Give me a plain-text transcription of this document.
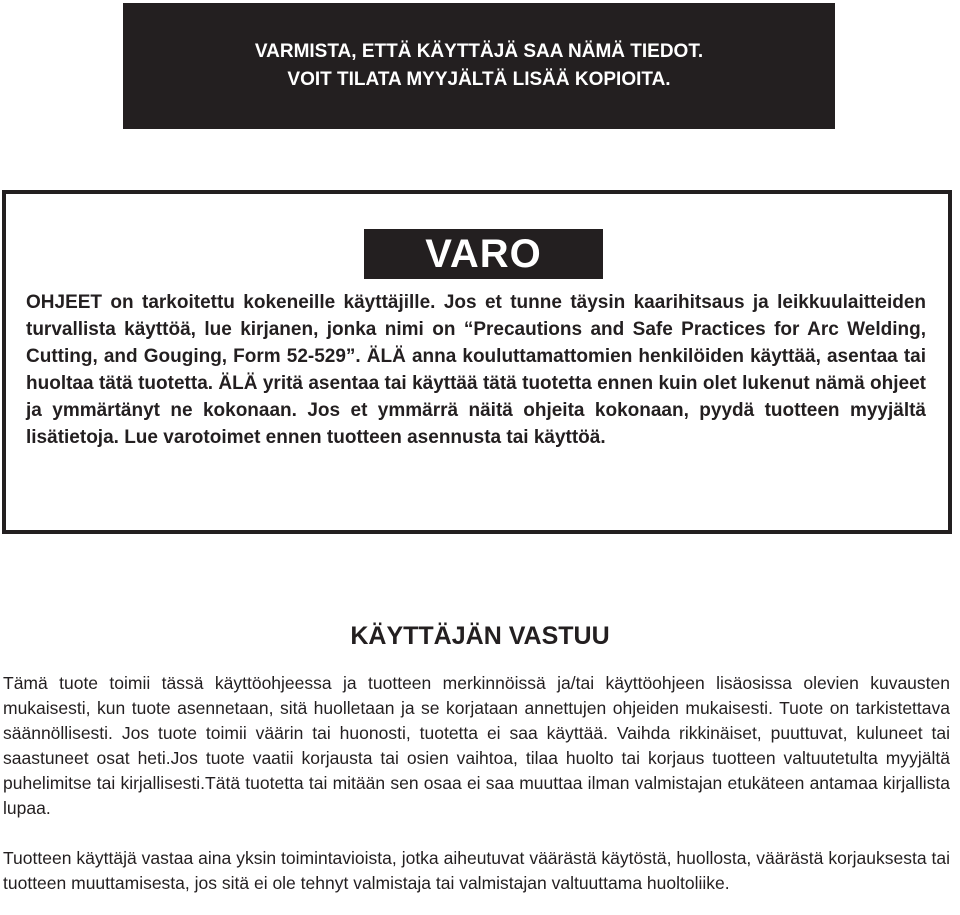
VARMISTA, ETTÄ KÄYTTÄJÄ SAA NÄMÄ TIEDOT.
VOIT TILATA MYYJÄLTÄ LISÄÄ KOPIOITA.
VARO

OHJEET on tarkoitettu kokeneille käyttäjille. Jos et tunne täysin kaarihitsaus ja leikkuulaitteiden turvallista käyttöä, lue kirjanen, jonka nimi on “Precautions and Safe Practices for Arc Welding, Cutting, and Gouging, Form 52-529”. ÄLÄ anna kouluttamattomien henkilöiden käyttää, asentaa tai huoltaa tätä tuotetta. ÄLÄ yritä asentaa tai käyttää tätä tuotetta ennen kuin olet lukenut nämä ohjeet ja ymmärtänyt ne kokonaan. Jos et ymmärrä näitä ohjeita kokonaan, pyydä tuotteen myyjältä lisätietoja. Lue varotoimet ennen tuotteen asennusta tai käyttöä.

KÄYTTÄJÄN VASTUU

Tämä tuote toimii tässä käyttöohjeessa ja tuotteen merkinnöissä ja/tai käyttöohjeen lisäosissa olevien kuvausten mukaisesti, kun tuote asennetaan, sitä huolletaan ja se korjataan annettujen ohjeiden mukaisesti. Tuote on tarkistettava säännöllisesti. Jos tuote toimii väärin tai huonosti, tuotetta ei saa käyttää. Vaihda rikkinäiset, puuttuvat, kuluneet tai saastuneet osat heti.Jos tuote vaatii korjausta tai osien vaihtoa, tilaa huolto tai korjaus tuotteen valtuutetulta myyjältä puhelimitse tai kirjallisesti.Tätä tuotetta tai mitään sen osaa ei saa muuttaa ilman valmistajan etukäteen antamaa kirjallista lupaa.

Tuotteen käyttäjä vastaa aina yksin toimintavioista, jotka aiheutuvat väärästä käytöstä, huollosta, väärästä korjauksesta tai tuotteen muuttamisesta, jos sitä ei ole tehnyt valmistaja tai valmistajan valtuuttama huoltoliike.
